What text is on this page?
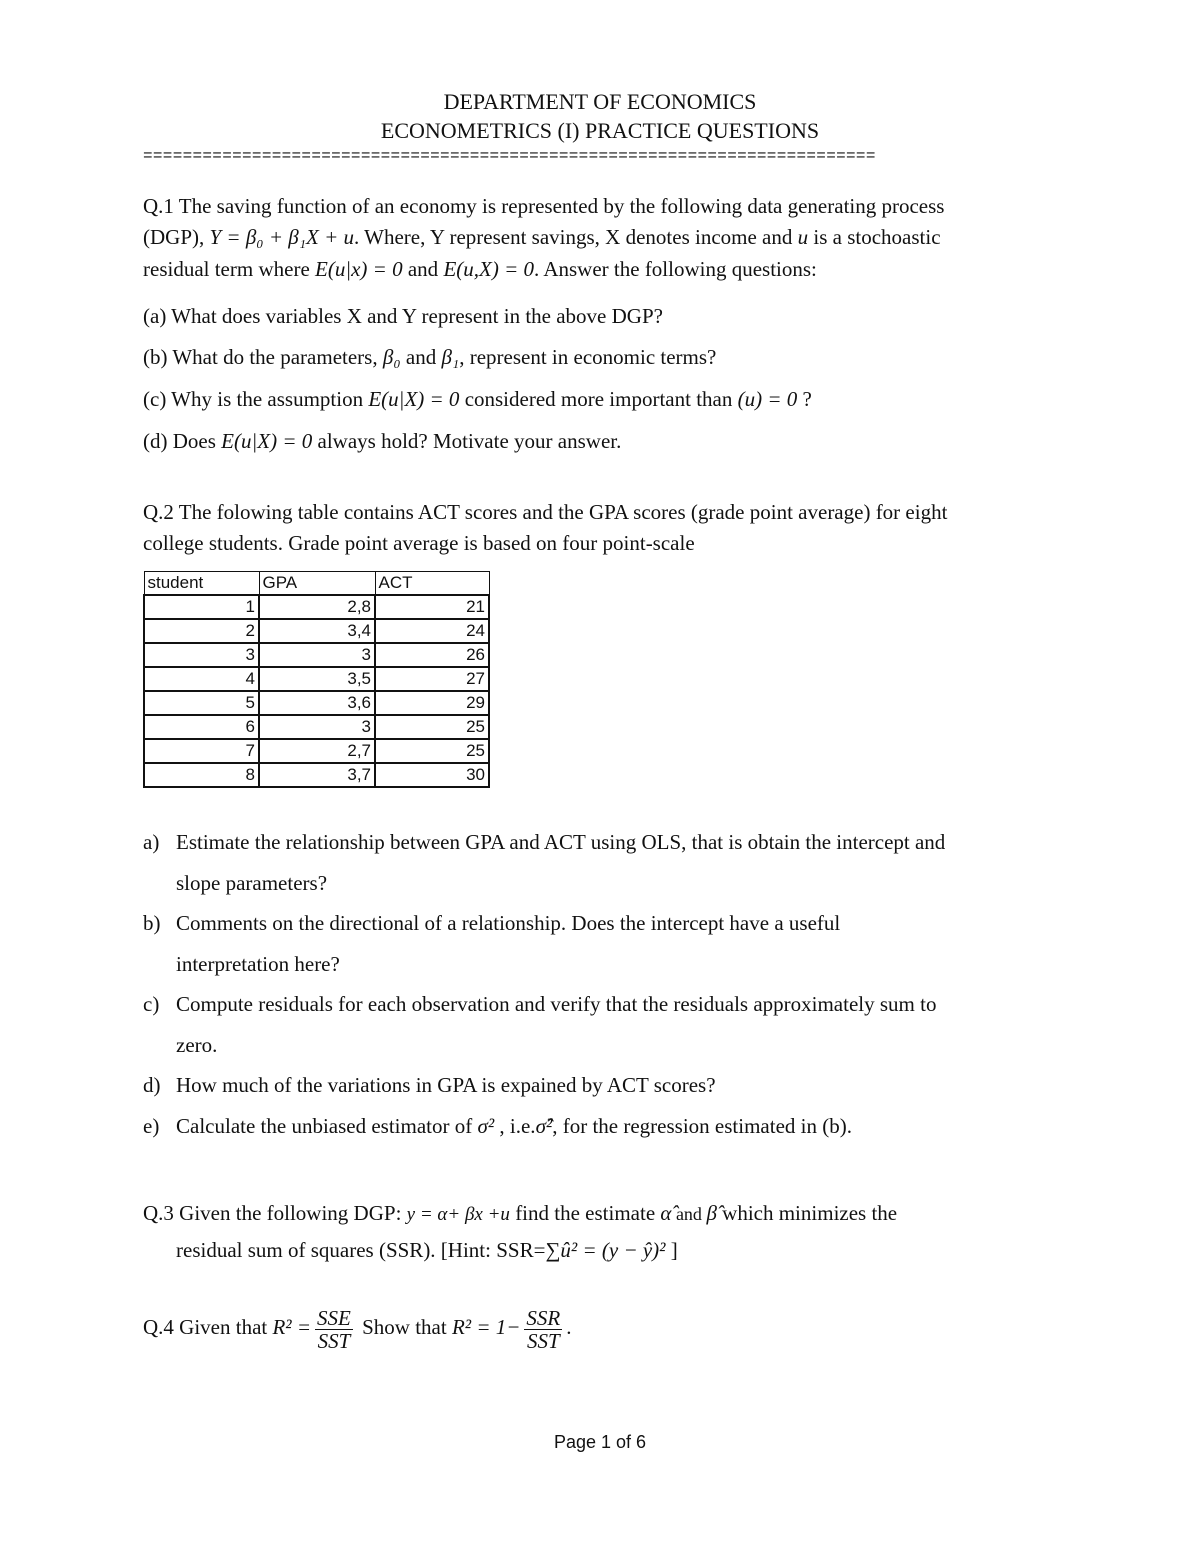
DEPARTMENT OF ECONOMICS
ECONOMETRICS (I) PRACTICE QUESTIONS
==========================================================================
Q.1 The saving function of an economy is represented by the following data generating process
(DGP), Y = β₀ + β₁X + u. Where, Y represent savings, X denotes income and u is a stochoastic
residual term where E(u|x) = 0 and E(u,X) = 0. Answer the following questions:
(a) What does variables X and Y represent in the above DGP?
(b) What do the parameters, β₀ and β₁, represent in economic terms?
(c) Why is the assumption E(u|X) = 0 considered more important than (u) = 0 ?
(d) Does E(u|X) = 0 always hold? Motivate your answer.
Q.2 The folowing table contains ACT scores and the GPA scores (grade point average) for eight
college students. Grade point average is based on four point-scale
student	GPA	ACT
1	2,8	21
2	3,4	24
3	3	26
4	3,5	27
5	3,6	29
6	3	25
7	2,7	25
8	3,7	30
a) Estimate the relationship between GPA and ACT using OLS, that is obtain the intercept and
slope parameters?
b) Comments on the directional of a relationship. Does the intercept have a useful
interpretation here?
c) Compute residuals for each observation and verify that the residuals approximately sum to
zero.
d) How much of the variations in GPA is expained by ACT scores?
e) Calculate the unbiased estimator of σ² , i.e.σ̂², for the regression estimated in (b).
Q.3 Given the following DGP: y = α+ βx +u find the estimate α̂ and β̂ which minimizes the
residual sum of squares (SSR). [Hint: SSR=∑û² = (y − ŷ)² ]
Q.4 Given that $R^2 = \frac{\text{SSE}}{\text{SST}}$ Show that $R^2 = 1- \frac{\text{SSR}}{\text{SST}}$ .
Page 1 of 6
